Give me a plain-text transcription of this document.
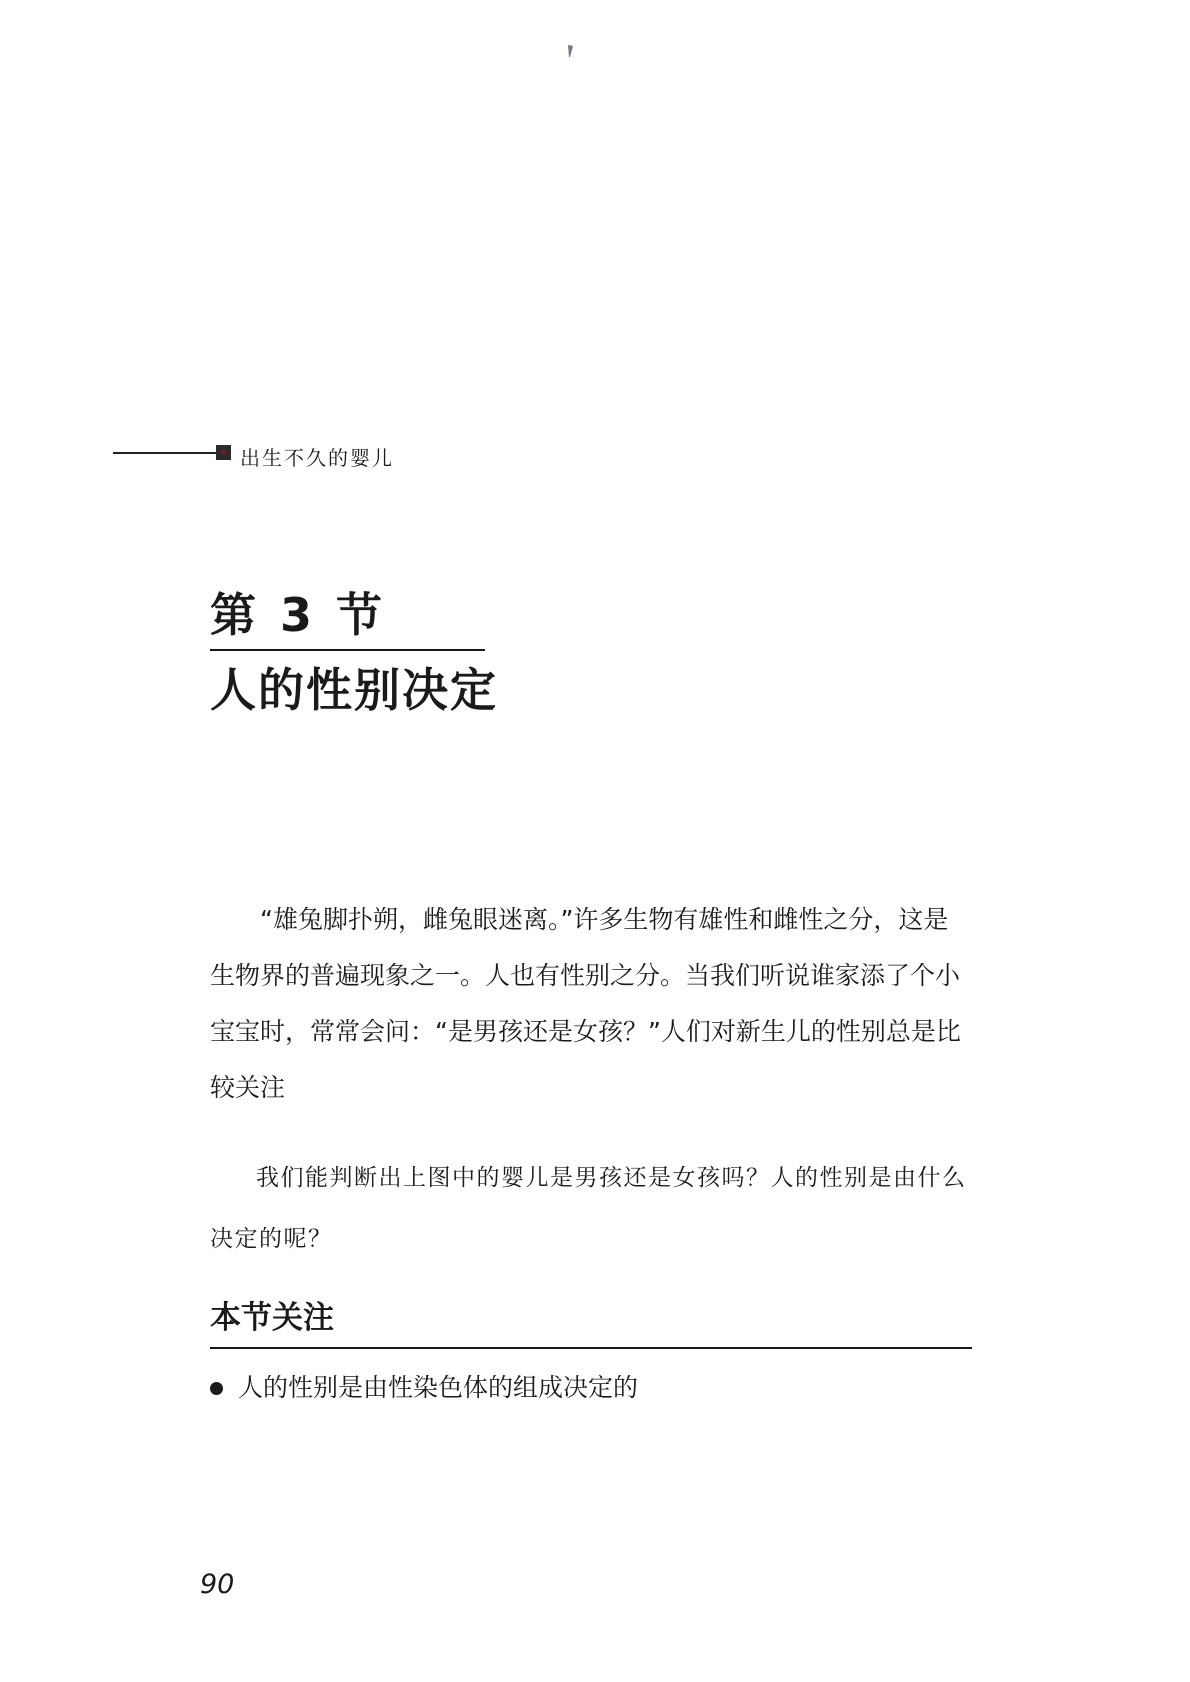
出生不久的婴儿
第 3 节
人的性别决定

“雄兔脚扑朔，雌兔眼迷离。”许多生物有雄性和雌性之分，这是生物界的普遍现象之一。人也有性别之分。当我们听说谁家添了个小宝宝时，常常会问：“是男孩还是女孩？”人们对新生儿的性别总是比较关注

我们能判断出上图中的婴儿是男孩还是女孩吗？人的性别是由什么决定的呢？

本节关注
人的性别是由性染色体的组成决定的
90
